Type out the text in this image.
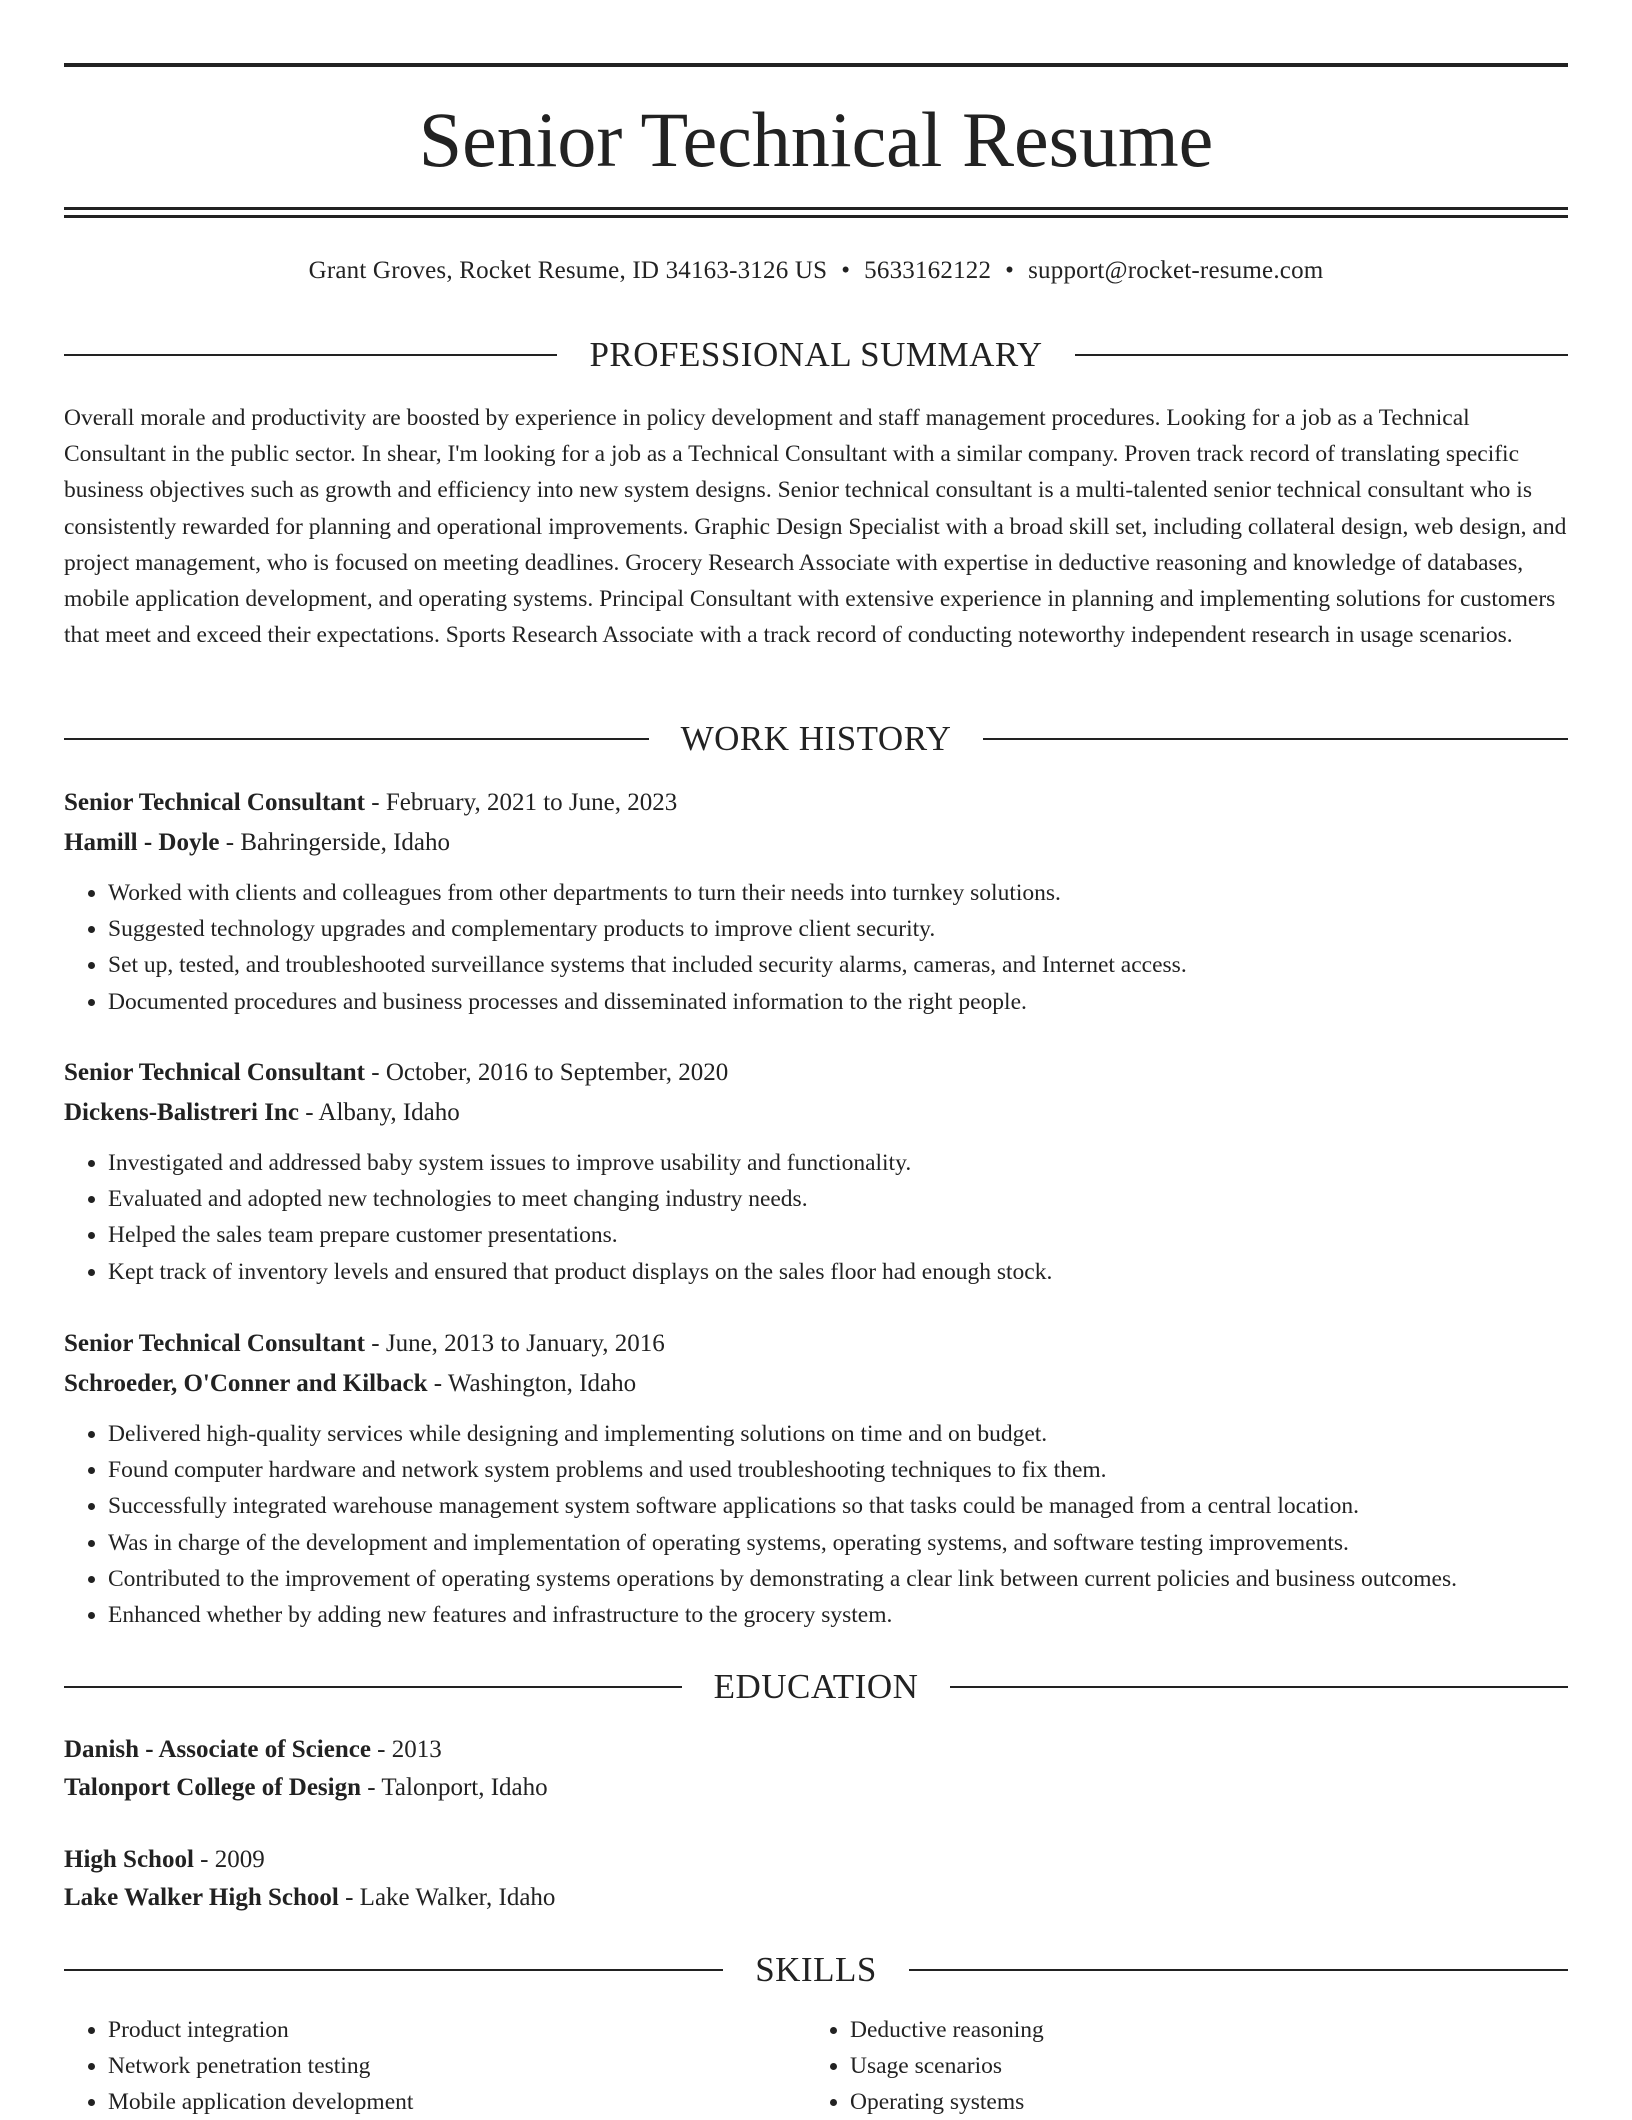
Senior Technical Resume
Grant Groves, Rocket Resume, ID 34163-3126 US • 5633162122 • support@rocket-resume.com
PROFESSIONAL SUMMARY

Overall morale and productivity are boosted by experience in policy development and staff management procedures. Looking for a job as a Technical Consultant in the public sector. In shear, I'm looking for a job as a Technical Consultant with a similar company. Proven track record of translating specific business objectives such as growth and efficiency into new system designs. Senior technical consultant is a multi-talented senior technical consultant who is consistently rewarded for planning and operational improvements. Graphic Design Specialist with a broad skill set, including collateral design, web design, and project management, who is focused on meeting deadlines. Grocery Research Associate with expertise in deductive reasoning and knowledge of databases, mobile application development, and operating systems. Principal Consultant with extensive experience in planning and implementing solutions for customers that meet and exceed their expectations. Sports Research Associate with a track record of conducting noteworthy independent research in usage scenarios.

WORK HISTORY
Senior Technical Consultant - February, 2021 to June, 2023
Hamill - Doyle - Bahringerside, Idaho
• Worked with clients and colleagues from other departments to turn their needs into turnkey solutions.
• Suggested technology upgrades and complementary products to improve client security.
• Set up, tested, and troubleshooted surveillance systems that included security alarms, cameras, and Internet access.
• Documented procedures and business processes and disseminated information to the right people.
Senior Technical Consultant - October, 2016 to September, 2020
Dickens-Balistreri Inc - Albany, Idaho
• Investigated and addressed baby system issues to improve usability and functionality.
• Evaluated and adopted new technologies to meet changing industry needs.
• Helped the sales team prepare customer presentations.
• Kept track of inventory levels and ensured that product displays on the sales floor had enough stock.
Senior Technical Consultant - June, 2013 to January, 2016
Schroeder, O'Conner and Kilback - Washington, Idaho
• Delivered high-quality services while designing and implementing solutions on time and on budget.
• Found computer hardware and network system problems and used troubleshooting techniques to fix them.
• Successfully integrated warehouse management system software applications so that tasks could be managed from a central location.
• Was in charge of the development and implementation of operating systems, operating systems, and software testing improvements.
• Contributed to the improvement of operating systems operations by demonstrating a clear link between current policies and business outcomes.
• Enhanced whether by adding new features and infrastructure to the grocery system.
EDUCATION
Danish - Associate of Science - 2013
Talonport College of Design - Talonport, Idaho
High School - 2009
Lake Walker High School - Lake Walker, Idaho
SKILLS
• Product integration
• Network penetration testing
• Mobile application development
• Deductive reasoning
• Usage scenarios
• Operating systems
